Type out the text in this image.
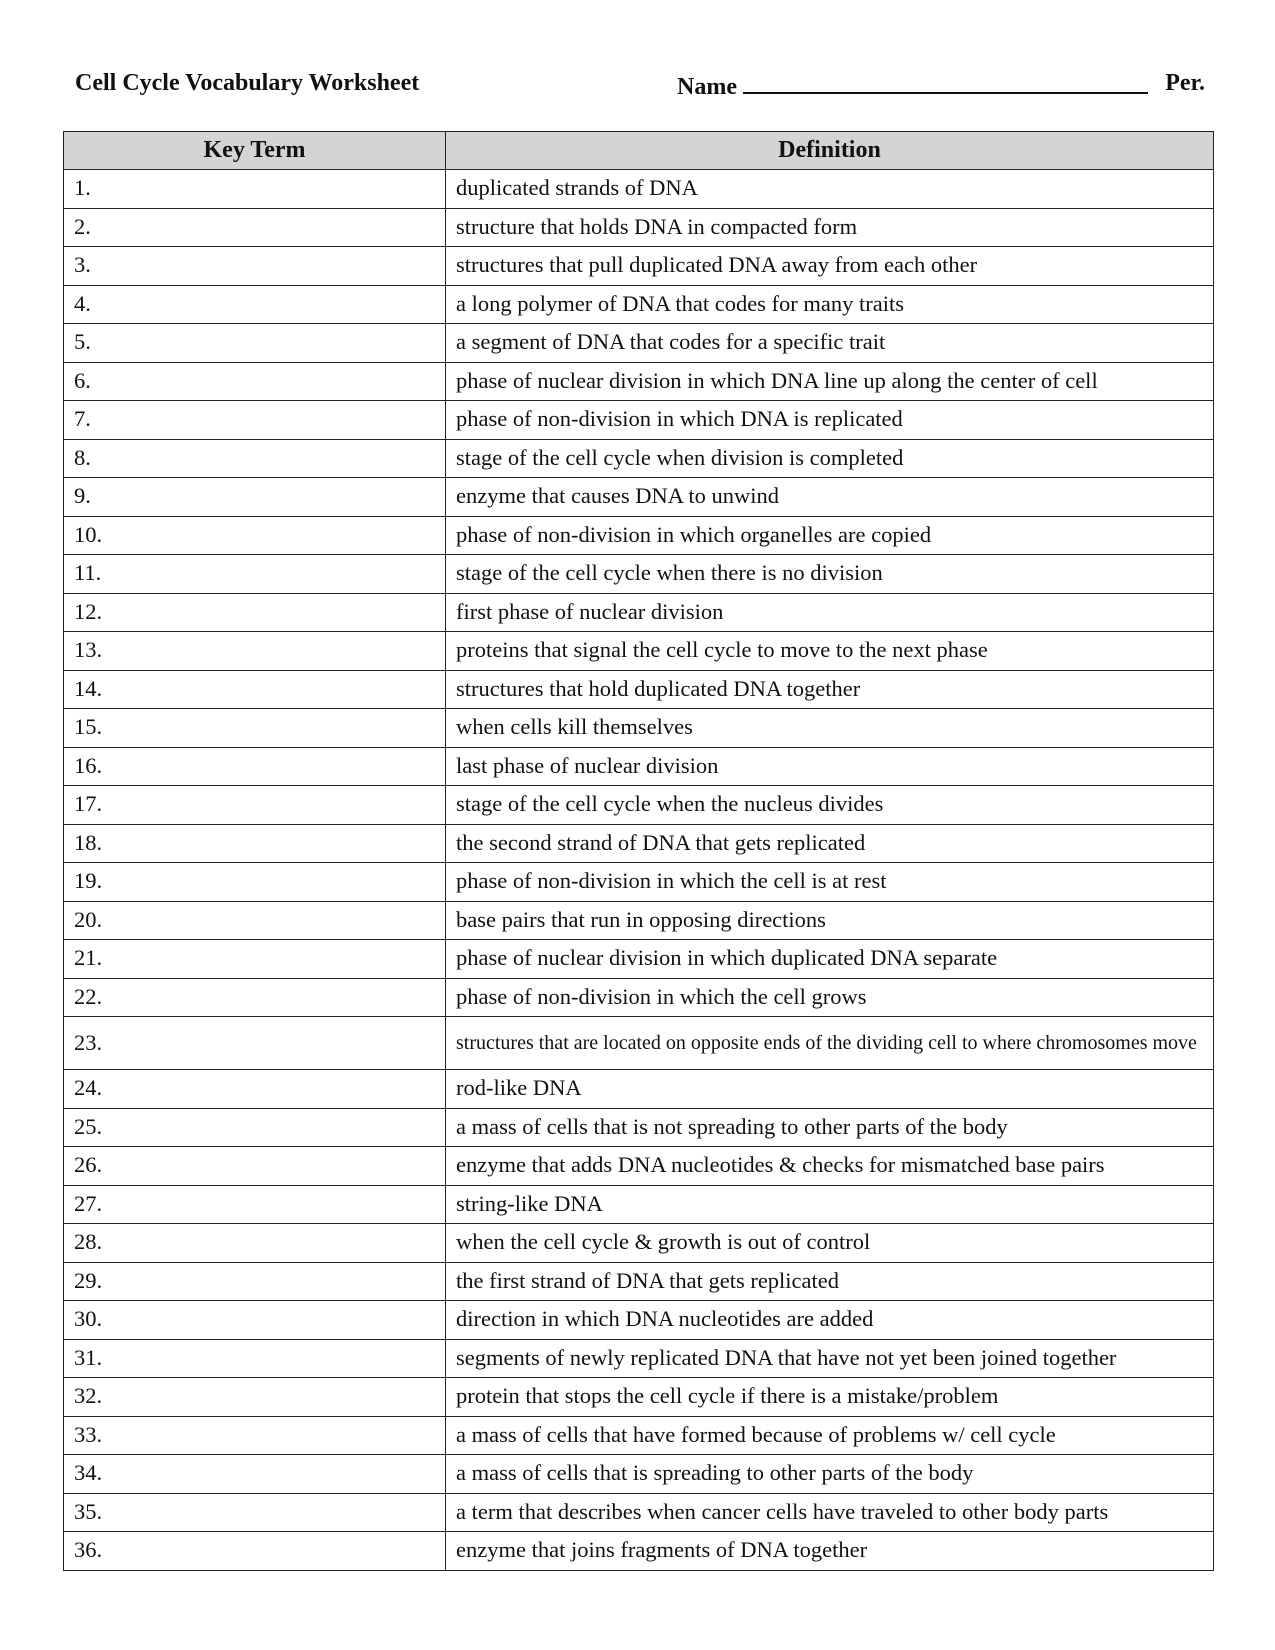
Cell Cycle Vocabulary Worksheet	Name	Per.
Key Term	Definition
1.	duplicated strands of DNA
2.	structure that holds DNA in compacted form
3.	structures that pull duplicated DNA away from each other
4.	a long polymer of DNA that codes for many traits
5.	a segment of DNA that codes for a specific trait
6.	phase of nuclear division in which DNA line up along the center of cell
7.	phase of non-division in which DNA is replicated
8.	stage of the cell cycle when division is completed
9.	enzyme that causes DNA to unwind
10.	phase of non-division in which organelles are copied
11.	stage of the cell cycle when there is no division
12.	first phase of nuclear division
13.	proteins that signal the cell cycle to move to the next phase
14.	structures that hold duplicated DNA together
15.	when cells kill themselves
16.	last phase of nuclear division
17.	stage of the cell cycle when the nucleus divides
18.	the second strand of DNA that gets replicated
19.	phase of non-division in which the cell is at rest
20.	base pairs that run in opposing directions
21.	phase of nuclear division in which duplicated DNA separate
22.	phase of non-division in which the cell grows
23.	structures that are located on opposite ends of the dividing cell to where chromosomes move
24.	rod-like DNA
25.	a mass of cells that is not spreading to other parts of the body
26.	enzyme that adds DNA nucleotides & checks for mismatched base pairs
27.	string-like DNA
28.	when the cell cycle & growth is out of control
29.	the first strand of DNA that gets replicated
30.	direction in which DNA nucleotides are added
31.	segments of newly replicated DNA that have not yet been joined together
32.	protein that stops the cell cycle if there is a mistake/problem
33.	a mass of cells that have formed because of problems w/ cell cycle
34.	a mass of cells that is spreading to other parts of the body
35.	a term that describes when cancer cells have traveled to other body parts
36.	enzyme that joins fragments of DNA together
